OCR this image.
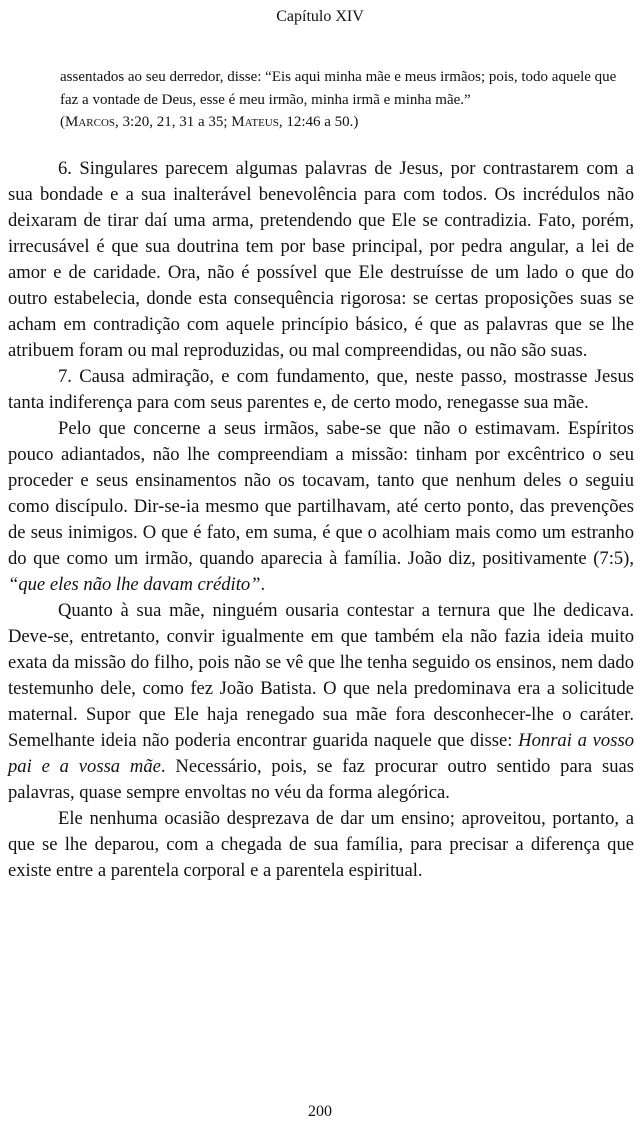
Capítulo XIV

assentados ao seu derredor, disse: “Eis aqui minha mãe e meus irmãos; pois, todo aquele que faz a vontade de Deus, esse é meu irmão, minha irmã e minha mãe.”
(Marcos, 3:20, 21, 31 a 35; Mateus, 12:46 a 50.)

6. Singulares parecem algumas palavras de Jesus, por contrastarem com a sua bondade e a sua inalterável benevolência para com todos. Os incrédulos não deixaram de tirar daí uma arma, pretendendo que Ele se contradizia. Fato, porém, irrecusável é que sua doutrina tem por base principal, por pedra angular, a lei de amor e de caridade. Ora, não é possível que Ele destruísse de um lado o que do outro estabelecia, donde esta consequência rigorosa: se certas proposições suas se acham em contradição com aquele princípio básico, é que as palavras que se lhe atribuem foram ou mal reproduzidas, ou mal compreendidas, ou não são suas.

7. Causa admiração, e com fundamento, que, neste passo, mostrasse Jesus tanta indiferença para com seus parentes e, de certo modo, renegasse sua mãe.

Pelo que concerne a seus irmãos, sabe-se que não o estimavam. Espíritos pouco adiantados, não lhe compreendiam a missão: tinham por excêntrico o seu proceder e seus ensinamentos não os tocavam, tanto que nenhum deles o seguiu como discípulo. Dir-se-ia mesmo que partilhavam, até certo ponto, das prevenções de seus inimigos. O que é fato, em suma, é que o acolhiam mais como um estranho do que como um irmão, quando aparecia à família. João diz, positivamente (7:5), “que eles não lhe davam crédito”.

Quanto à sua mãe, ninguém ousaria contestar a ternura que lhe dedicava. Deve-se, entretanto, convir igualmente em que também ela não fazia ideia muito exata da missão do filho, pois não se vê que lhe tenha seguido os ensinos, nem dado testemunho dele, como fez João Batista. O que nela predominava era a solicitude maternal. Supor que Ele haja renegado sua mãe fora desconhecer-lhe o caráter. Semelhante ideia não poderia encontrar guarida naquele que disse: Honrai a vosso pai e a vossa mãe. Necessário, pois, se faz procurar outro sentido para suas palavras, quase sempre envoltas no véu da forma alegórica.

Ele nenhuma ocasião desprezava de dar um ensino; aproveitou, portanto, a que se lhe deparou, com a chegada de sua família, para precisar a diferença que existe entre a parentela corporal e a parentela espiritual.

200
